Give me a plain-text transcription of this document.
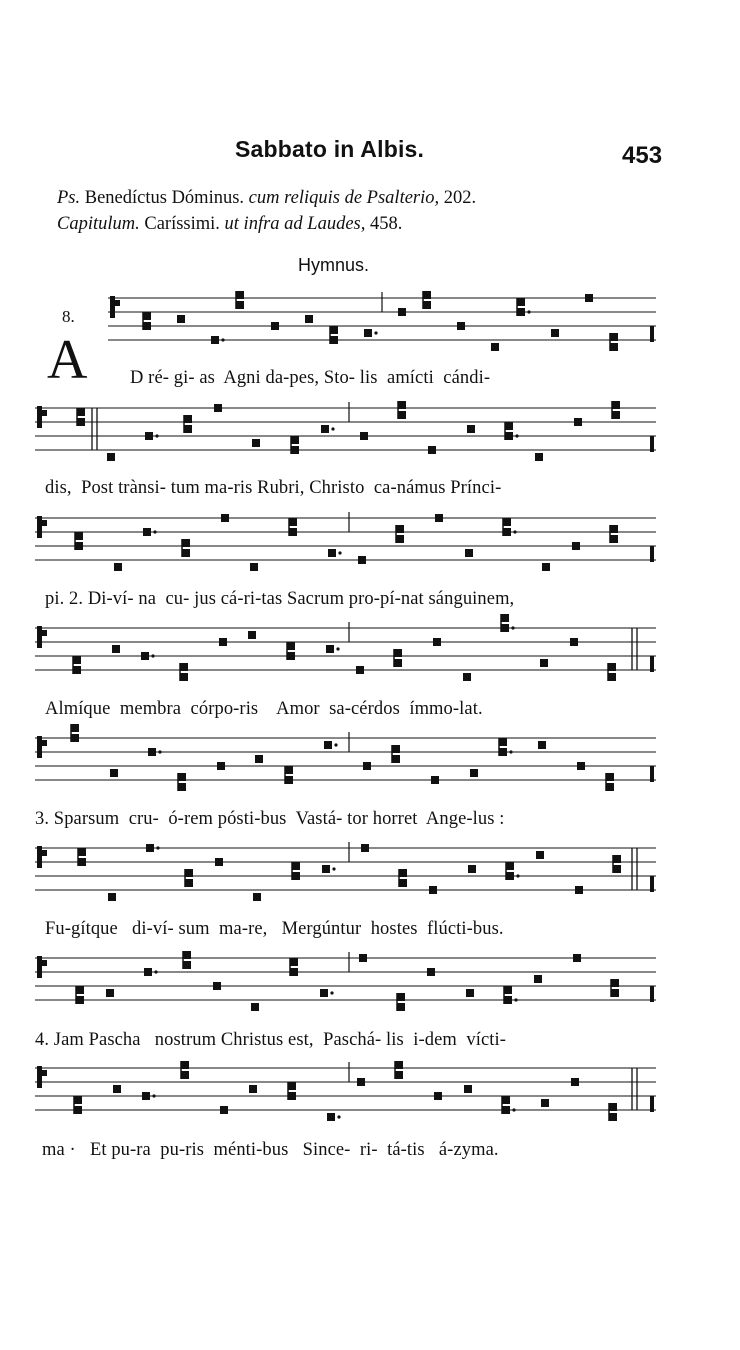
Sabbato in Albis.	453
Ps. Benedíctus Dóminus. cum reliquis de Psalterio, 202.
Capitulum. Caríssimi. ut infra ad Laudes, 458.
Hymnus.
8.
A D ré- gi- as  Agni da-pes, Sto- lis  amícti  cándi-
dis,  Post trànsi- tum ma-ris Rubri, Christo  ca-námus Prínci-
pi. 2. Di-ví- na  cu- jus cá-ri-tas Sacrum pro-pí-nat sánguinem,
Almíque  membra  córpo-ris    Amor  sa-cérdos  ímmo-lat.
3. Sparsum  cru-  ó-rem pósti-bus  Vastá- tor horret  Ange-lus :
Fu-gítque   di-ví- sum  ma-re,   Mergúntur  hostes  flúcti-bus.
4. Jam Pascha   nostrum Christus est,  Paschá- lis  i-dem  vícti-
ma ·   Et pu-ra  pu-ris  ménti-bus   Since-  ri-  tá-tis   á-zyma.
